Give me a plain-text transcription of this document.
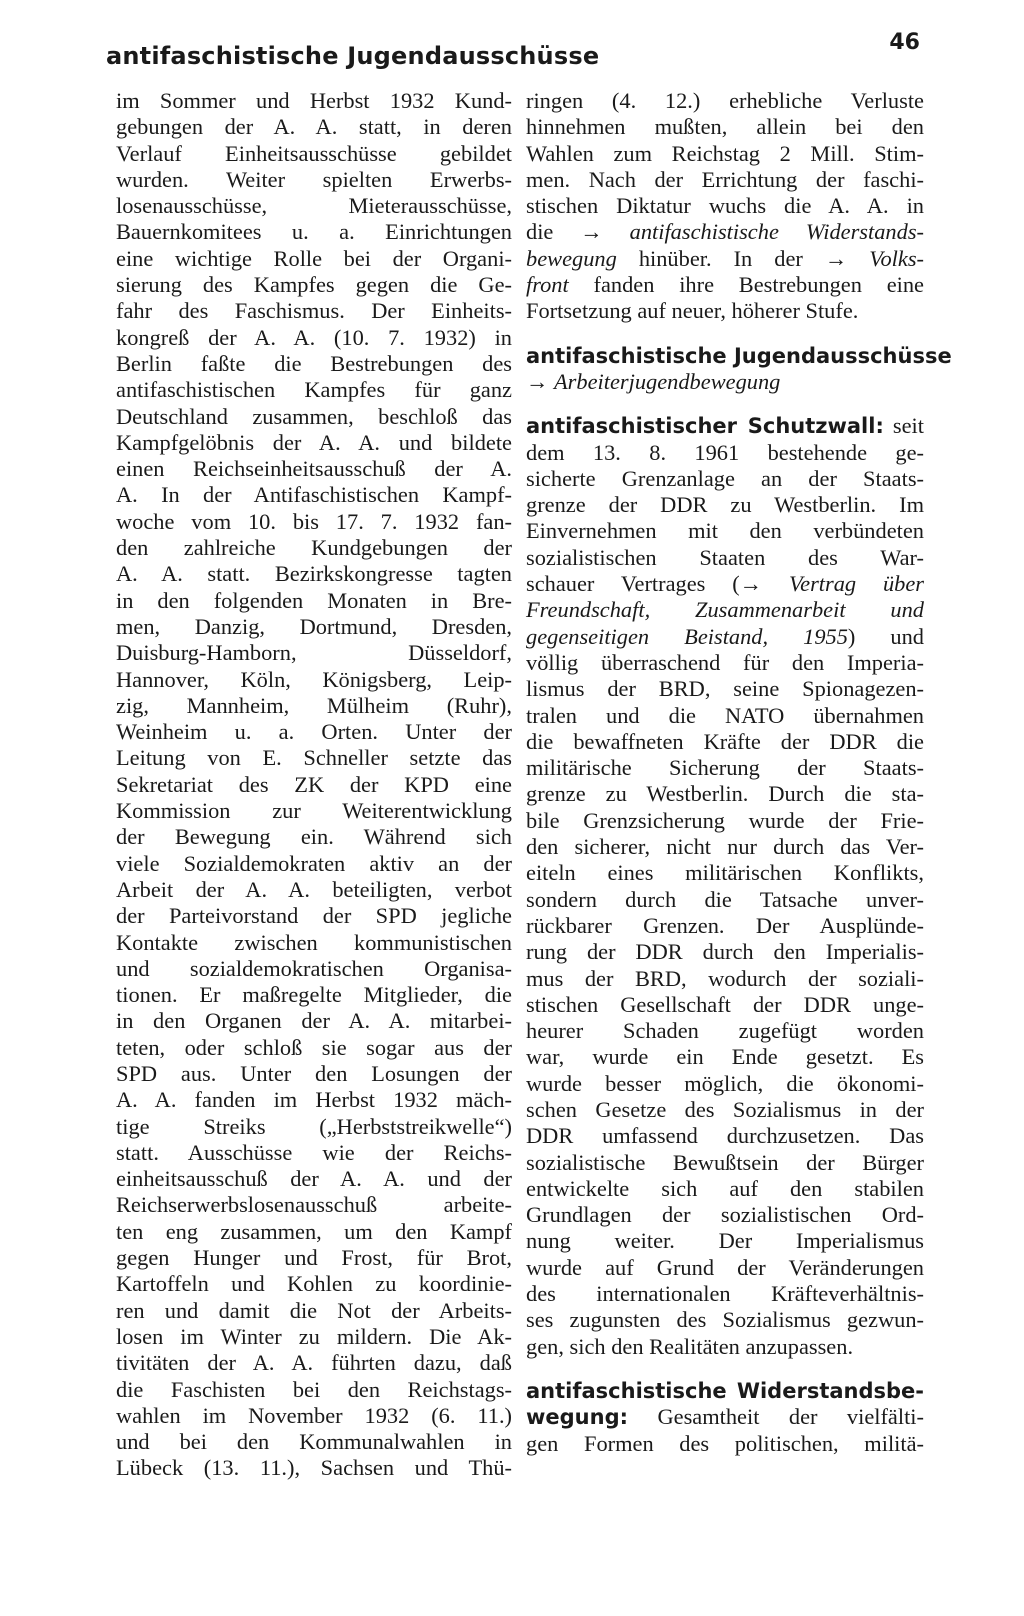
antifaschistische Jugendausschüsse	46
im Sommer und Herbst 1932 Kund-
gebungen der A. A. statt, in deren
Verlauf Einheitsausschüsse gebildet
wurden. Weiter spielten Erwerbs-
losenausschüsse, Mieterausschüsse,
Bauernkomitees u. a. Einrichtungen
eine wichtige Rolle bei der Organi-
sierung des Kampfes gegen die Ge-
fahr des Faschismus. Der Einheits-
kongreß der A. A. (10. 7. 1932) in
Berlin faßte die Bestrebungen des
antifaschistischen Kampfes für ganz
Deutschland zusammen, beschloß das
Kampfgelöbnis der A. A. und bildete
einen Reichseinheitsausschuß der A.
A. In der Antifaschistischen Kampf-
woche vom 10. bis 17. 7. 1932 fan-
den zahlreiche Kundgebungen der
A. A. statt. Bezirkskongresse tagten
in den folgenden Monaten in Bre-
men, Danzig, Dortmund, Dresden,
Duisburg-Hamborn, Düsseldorf,
Hannover, Köln, Königsberg, Leip-
zig, Mannheim, Mülheim (Ruhr),
Weinheim u. a. Orten. Unter der
Leitung von E. Schneller setzte das
Sekretariat des ZK der KPD eine
Kommission zur Weiterentwicklung
der Bewegung ein. Während sich
viele Sozialdemokraten aktiv an der
Arbeit der A. A. beteiligten, verbot
der Parteivorstand der SPD jegliche
Kontakte zwischen kommunistischen
und sozialdemokratischen Organisa-
tionen. Er maßregelte Mitglieder, die
in den Organen der A. A. mitarbei-
teten, oder schloß sie sogar aus der
SPD aus. Unter den Losungen der
A. A. fanden im Herbst 1932 mäch-
tige Streiks („Herbststreikwelle“)
statt. Ausschüsse wie der Reichs-
einheitsausschuß der A. A. und der
Reichserwerbslosenausschuß arbeite-
ten eng zusammen, um den Kampf
gegen Hunger und Frost, für Brot,
Kartoffeln und Kohlen zu koordinie-
ren und damit die Not der Arbeits-
losen im Winter zu mildern. Die Ak-
tivitäten der A. A. führten dazu, daß
die Faschisten bei den Reichstags-
wahlen im November 1932 (6. 11.)
und bei den Kommunalwahlen in
Lübeck (13. 11.), Sachsen und Thü-
ringen (4. 12.) erhebliche Verluste
hinnehmen mußten, allein bei den
Wahlen zum Reichstag 2 Mill. Stim-
men. Nach der Errichtung der faschi-
stischen Diktatur wuchs die A. A. in
die → antifaschistische Widerstands-
bewegung hinüber. In der → Volks-
front fanden ihre Bestrebungen eine
Fortsetzung auf neuer, höherer Stufe.
antifaschistische Jugendausschüsse
→ Arbeiterjugendbewegung
antifaschistischer Schutzwall: seit
dem 13. 8. 1961 bestehende ge-
sicherte Grenzanlage an der Staats-
grenze der DDR zu Westberlin. Im
Einvernehmen mit den verbündeten
sozialistischen Staaten des War-
schauer Vertrages (→ Vertrag über
Freundschaft, Zusammenarbeit und
gegenseitigen Beistand, 1955) und
völlig überraschend für den Imperia-
lismus der BRD, seine Spionagezen-
tralen und die NATO übernahmen
die bewaffneten Kräfte der DDR die
militärische Sicherung der Staats-
grenze zu Westberlin. Durch die sta-
bile Grenzsicherung wurde der Frie-
den sicherer, nicht nur durch das Ver-
eiteln eines militärischen Konflikts,
sondern durch die Tatsache unver-
rückbarer Grenzen. Der Ausplünde-
rung der DDR durch den Imperialis-
mus der BRD, wodurch der soziali-
stischen Gesellschaft der DDR unge-
heurer Schaden zugefügt worden
war, wurde ein Ende gesetzt. Es
wurde besser möglich, die ökonomi-
schen Gesetze des Sozialismus in der
DDR umfassend durchzusetzen. Das
sozialistische Bewußtsein der Bürger
entwickelte sich auf den stabilen
Grundlagen der sozialistischen Ord-
nung weiter. Der Imperialismus
wurde auf Grund der Veränderungen
des internationalen Kräfteverhältnis-
ses zugunsten des Sozialismus gezwun-
gen, sich den Realitäten anzupassen.
antifaschistische Widerstandsbe-
wegung: Gesamtheit der vielfälti-
gen Formen des politischen, militä-
